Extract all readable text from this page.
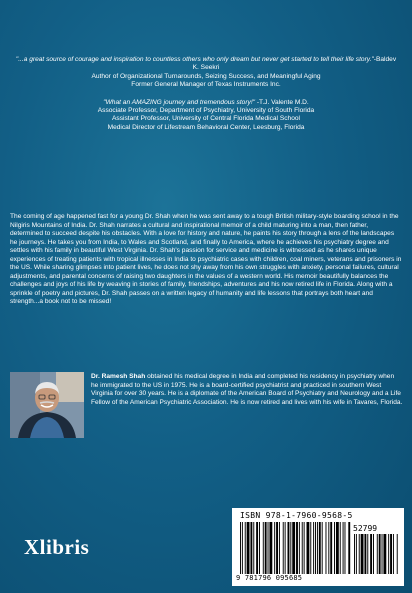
"...a great source of courage and inspiration to countless others who only dream but never get started to tell their life story."-Baldev K. Seekri
Author of Organizational Turnarounds, Seizing Success, and Meaningful Aging
Former General Manager of Texas Instruments Inc.
"What an AMAZING journey and tremendous story!" -T.J. Valente M.D.
Associate Professor, Department of Psychiatry, University of South Florida
Assistant Professor, University of Central Florida Medical School
Medical Director of Lifestream Behavioral Center, Leesburg, Florida
The coming of age happened fast for a young Dr. Shah when he was sent away to a tough British military-style boarding school in the Nilgiris Mountains of India. Dr. Shah narrates a cultural and inspirational memoir of a child maturing into a man, then father, determined to succeed despite his obstacles. With a love for history and nature, he paints his story through a lens of the landscapes he journeys. He takes you from India, to Wales and Scotland, and finally to America, where he achieves his psychiatry degree and settles with his family in beautiful West Virginia. Dr. Shah's passion for service and medicine is witnessed as he shares unique experiences of treating patients with tropical illnesses in India to psychiatric cases with children, coal miners, veterans and prisoners in the US. While sharing glimpses into patient lives, he does not shy away from his own struggles with anxiety, personal failures, cultural adjustments, and parental concerns of raising two daughters in the values of a western world. His memoir beautifully balances the challenges and joys of his life by weaving in stories of family, friendships, adventures and his now retired life in Florida. Along with a sprinkle of poetry and pictures, Dr. Shah passes on a written legacy of humanity and life lessons that portrays both heart and strength...a book not to be missed!
Dr. Ramesh Shah obtained his medical degree in India and completed his residency in psychiatry when he immigrated to the US in 1975. He is a board-certified psychiatrist and practiced in southern West Virginia for over 30 years. He is a diplomate of the American Board of Psychiatry and Neurology and a Life Fellow of the American Psychiatric Association. He is now retired and lives with his wife in Tavares, Florida.
Xlibris
ISBN 978-1-7960-9568-5
52799
9 781796 095685
